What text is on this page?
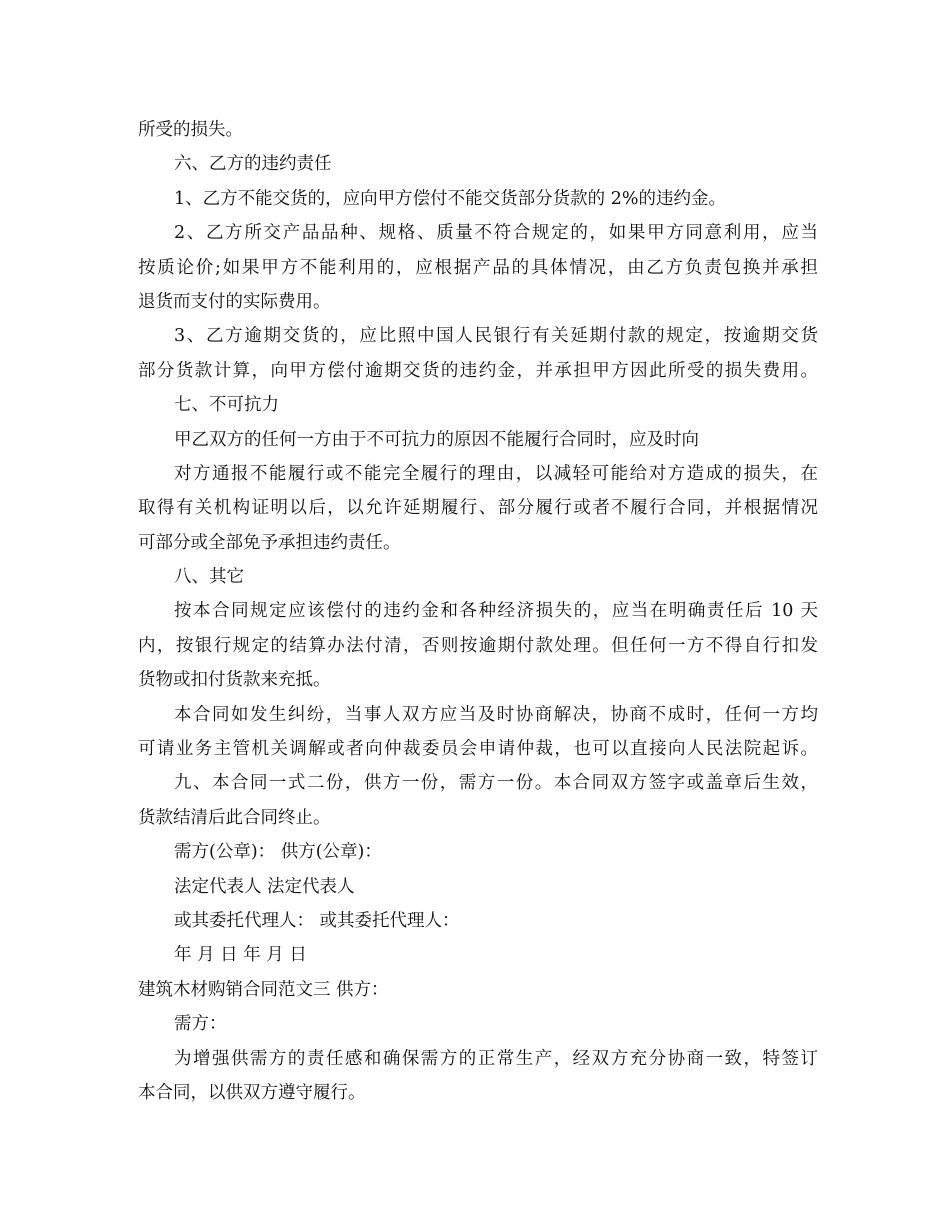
所受的损失。
六、乙方的违约责任
1、乙方不能交货的，应向甲方偿付不能交货部分货款的 2%的违约金。
2、乙方所交产品品种、规格、质量不符合规定的，如果甲方同意利用，应当
按质论价;如果甲方不能利用的，应根据产品的具体情况，由乙方负责包换并承担
退货而支付的实际费用。
3、乙方逾期交货的，应比照中国人民银行有关延期付款的规定，按逾期交货
部分货款计算，向甲方偿付逾期交货的违约金，并承担甲方因此所受的损失费用。
七、不可抗力
甲乙双方的任何一方由于不可抗力的原因不能履行合同时，应及时向
对方通报不能履行或不能完全履行的理由，以减轻可能给对方造成的损失，在
取得有关机构证明以后，以允许延期履行、部分履行或者不履行合同，并根据情况
可部分或全部免予承担违约责任。
八、其它
按本合同规定应该偿付的违约金和各种经济损失的，应当在明确责任后 10 天
内，按银行规定的结算办法付清，否则按逾期付款处理。但任何一方不得自行扣发
货物或扣付货款来充抵。
本合同如发生纠纷，当事人双方应当及时协商解决，协商不成时，任何一方均
可请业务主管机关调解或者向仲裁委员会申请仲裁，也可以直接向人民法院起诉。
九、本合同一式二份，供方一份，需方一份。本合同双方签字或盖章后生效，
货款结清后此合同终止。
需方(公章)： 供方(公章)：
法定代表人 法定代表人
或其委托代理人： 或其委托代理人：
年 月 日 年 月 日
建筑木材购销合同范文三 供方：
需方：
为增强供需方的责任感和确保需方的正常生产，经双方充分协商一致，特签订
本合同，以供双方遵守履行。
